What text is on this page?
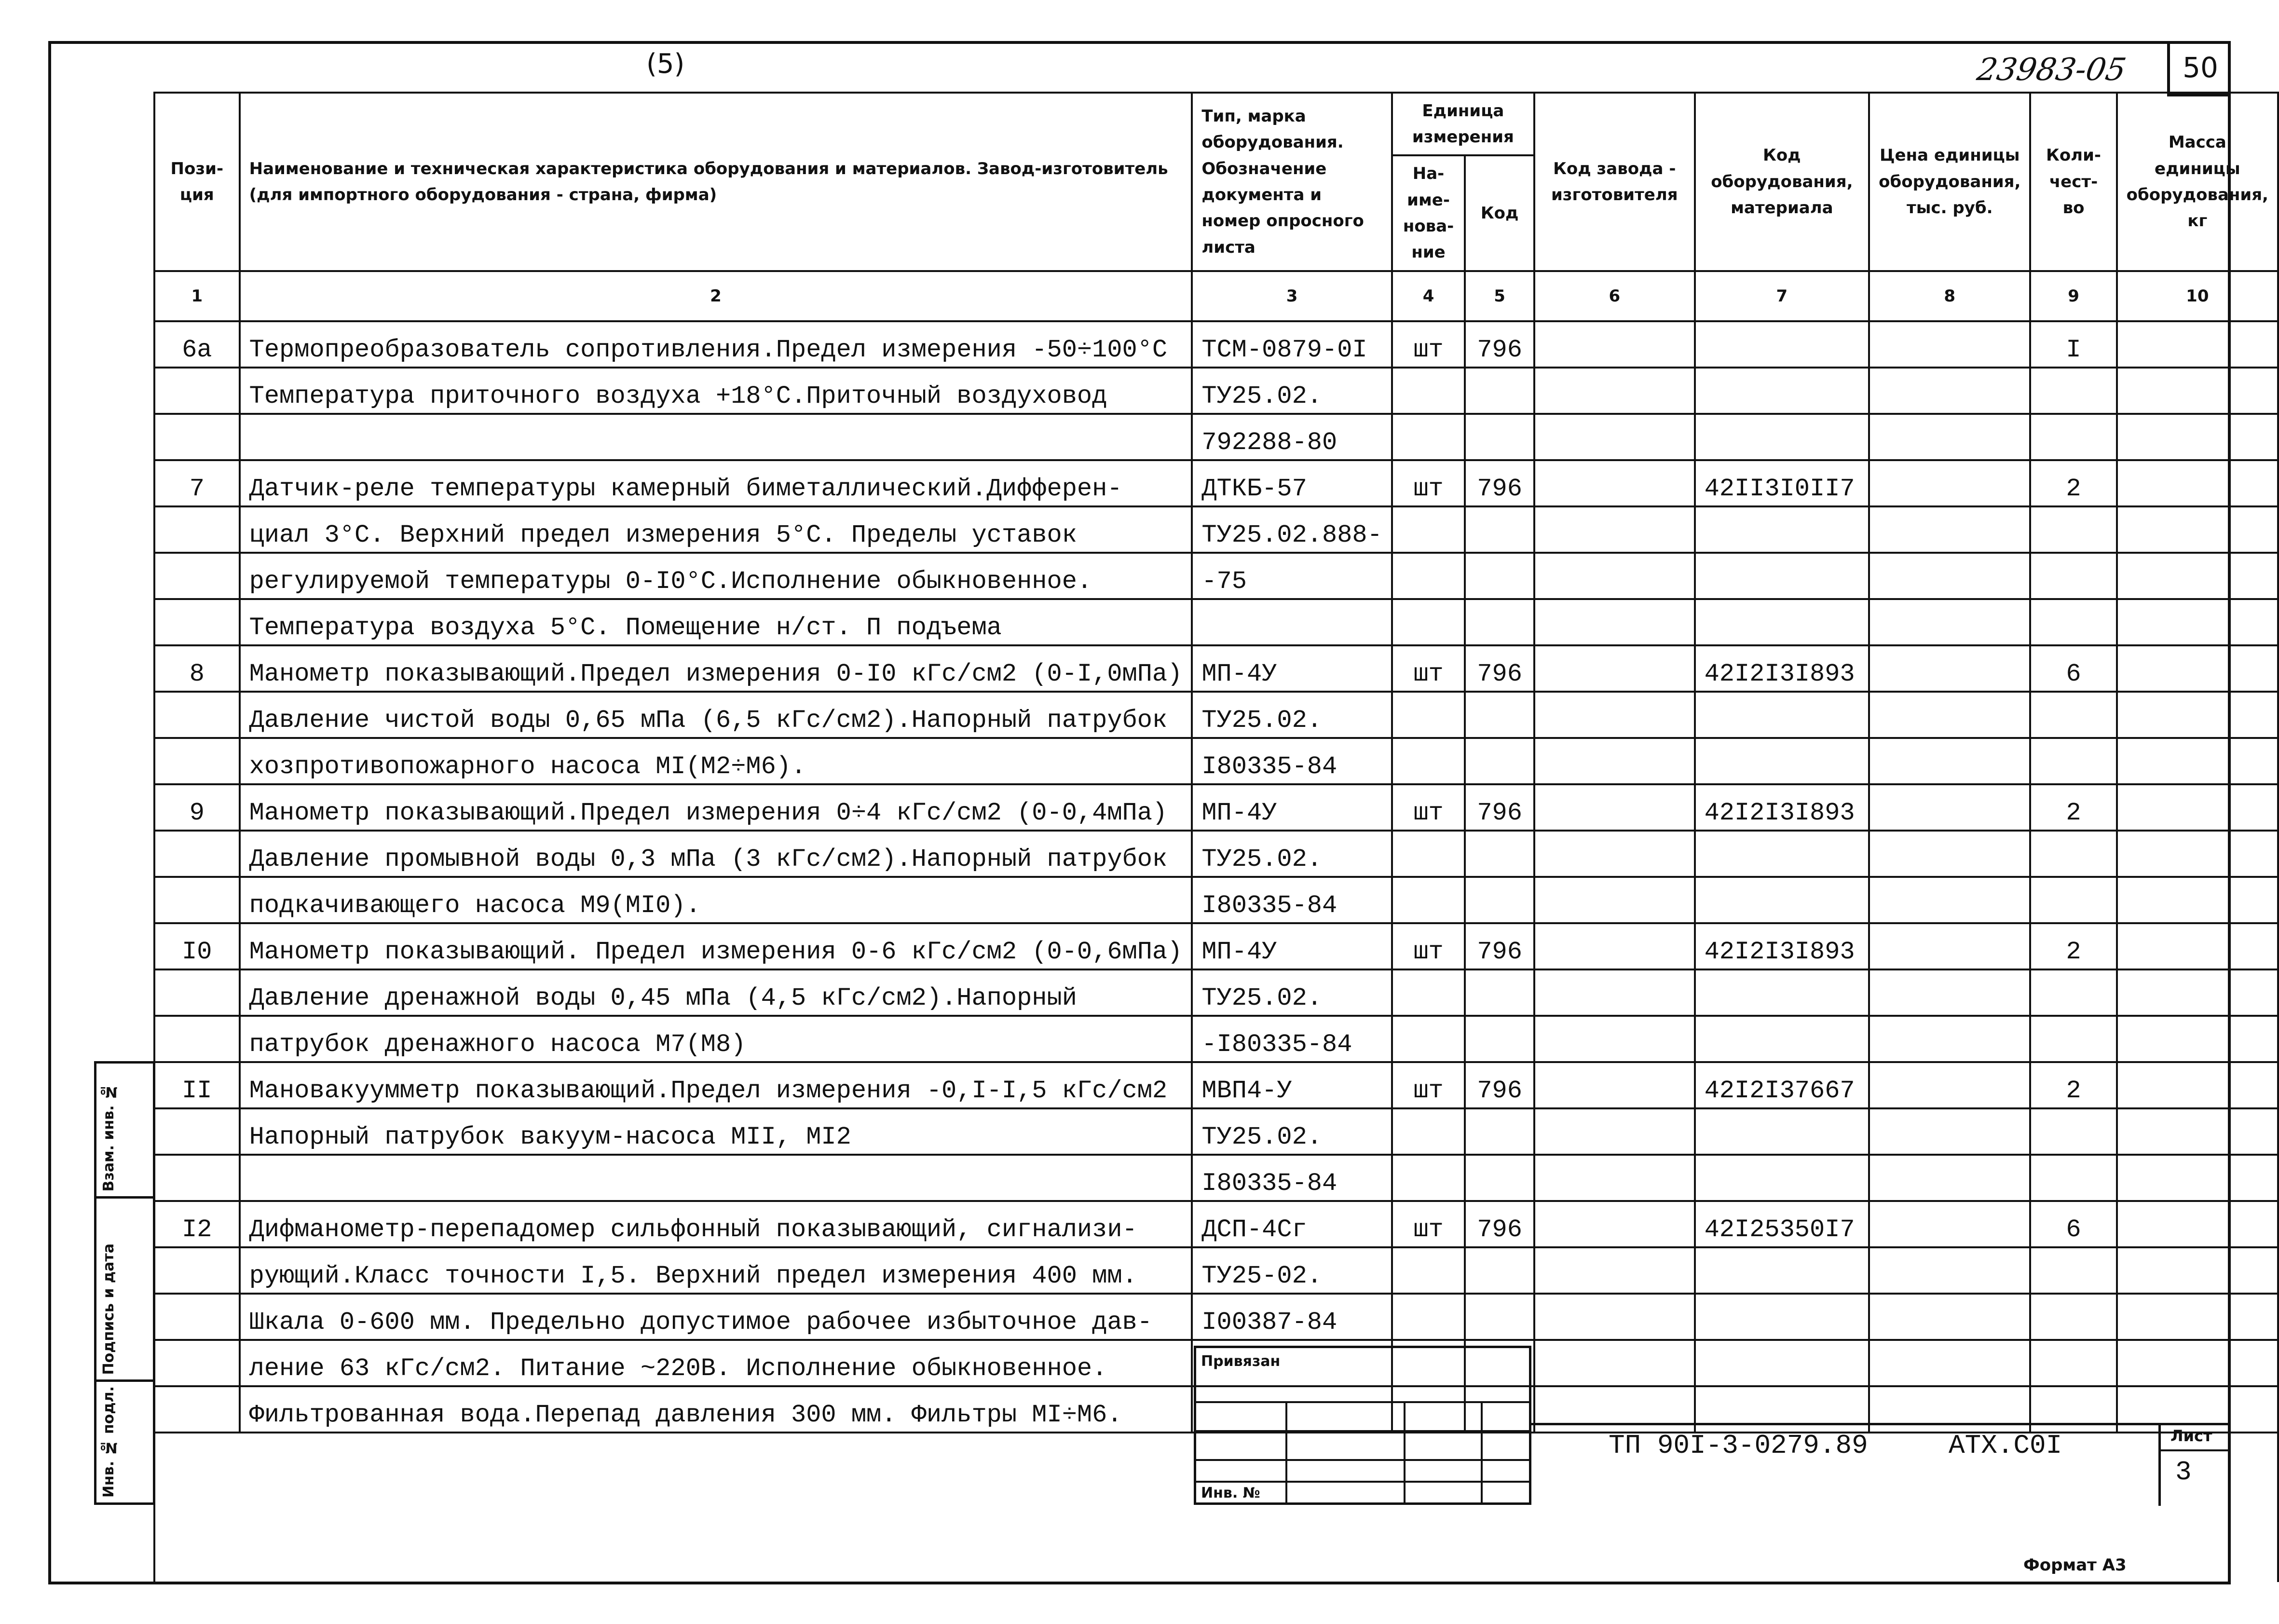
(5)	23983-05	50
Пози- ция	Наименование и техническая характеристика оборудования и материалов. Завод-изготовитель (для импортного оборудования - страна, фирма)	Тип, марка оборудования. Обозначение документа и номер опросного листа	Единица измерения		Код завода - изготовителя	Код оборудования, материала	Цена единицы оборудования, тыс. руб.	Коли- чест- во	Масса единицы оборудования, кг
			На- име- нова- ние	Код					
1	2	3	4	5	6	7	8	9	10
6а	Термопреобразователь сопротивления.Предел измерения -50÷100°С	ТСМ-0879-0I	шт	796				I	
	Температура приточного воздуха +18°С.Приточный воздуховод	ТУ25.02.							
		792288-80							
7	Датчик-реле температуры камерный биметаллический.Диффeрен-	ДТКБ-57	шт	796		42II3I0II7		2	
	циал 3°С. Верхний предел измерения 5°С. Пределы уставок	ТУ25.02.888-							
	регулируемой температуры 0-I0°С.Исполнение обыкновенное.	-75							
	Температура воздуха 5°С. Помещение н/ст. П подъема								
8	Манометр показывающий.Предел измерения 0-I0 кГс/см2 (0-I,0мПа)	МП-4У	шт	796		42I2I3I893		6	
	Давление чистой воды 0,65 мПа (6,5 кГс/см2).Напорный патрубок	ТУ25.02.							
	хозпротивопожарного насоса МI(М2÷М6).	I80335-84							
9	Манометр показывающий.Предел измерения 0÷4 кГс/см2 (0-0,4мПа)	МП-4У	шт	796		42I2I3I893		2	
	Давление промывной воды 0,3 мПа (3 кГс/см2).Напорный патрубок	ТУ25.02.							
	подкачивающего насоса М9(МI0).	I80335-84							
I0	Манометр показывающий. Предел измерения 0-6 кГс/см2 (0-0,6мПа)	МП-4У	шт	796		42I2I3I893		2	
	Давление дренажной воды 0,45 мПа (4,5 кГс/см2).Напорный	ТУ25.02.							
	патрубок дренажного насоса М7(М8)	-I80335-84							
II	Мановакуумметр показывающий.Предел измерения -0,I-I,5 кГс/см2	МВП4-У	шт	796		42I2I37667		2	
	Напорный патрубок вакуум-насоса МII, МI2	ТУ25.02.							
		I80335-84							
I2	Дифманометр-перепадомер сильфонный показывающий, сигнализи-	ДСП-4Сг	шт	796		42I25350I7		6	
	рующий.Класс точности I,5. Верхний предел измерения 400 мм.	ТУ25-02.							
	Шкала 0-600 мм. Предельно допустимое рабочее избыточное дав-	I00387-84							
	ление 63 кГс/см2. Питание ~220В. Исполнение обыкновенное.								
	Фильтрованная вода.Перепад давления 300 мм. Фильтры МI÷М6.								

Взам. инв. №
Подпись и дата
Инв. № подл.
Привязан
Инв. №
ТП 90I-3-0279.89	АТХ.С0I	Лист
3
Формат А3
